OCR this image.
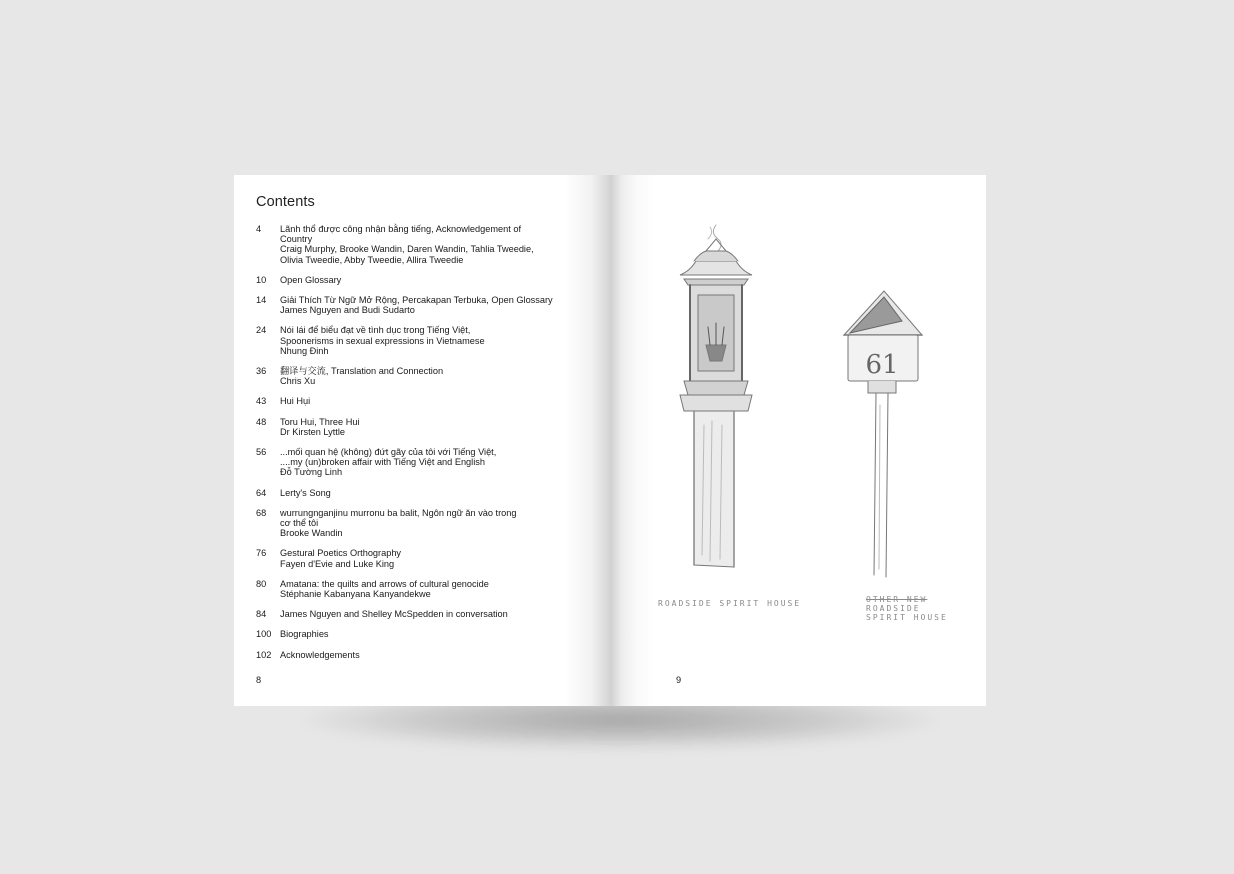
Contents
4	Lãnh thổ được công nhận bằng tiếng, Acknowledgement of
Country
Craig Murphy, Brooke Wandin, Daren Wandin, Tahlia Tweedie,
Olivia Tweedie, Abby Tweedie, Allira Tweedie
10	Open Glossary
14	Giải Thích Từ Ngữ Mở Rộng, Percakapan Terbuka, Open Glossary
James Nguyen and Budi Sudarto
24	Nói lái để biểu đạt về tình dục trong Tiếng Việt,
Spoonerisms in sexual expressions in Vietnamese
Nhung Đinh
36	翻译与交流, Translation and Connection
Chris Xu
43	Hui Hụi
48	Toru Hui, Three Hui
Dr Kirsten Lyttle
56	...mối quan hệ (không) đứt gãy của tôi với Tiếng Việt,
....my (un)broken affair with Tiếng Việt and English
Đỗ Tường Linh
64	Lerty's Song
68	wurrungnganjinu murronu ba balit, Ngôn ngữ ăn vào trong
cơ thể tôi
Brooke Wandin
76	Gestural Poetics Orthography
Fayen d'Evie and Luke King
80	Amatana: the quilts and arrows of cultural genocide
Stéphanie Kabanyana Kanyandekwe
84	James Nguyen and Shelley McSpedden in conversation
100 Biographies
102 Acknowledgements
8
ROADSIDE SPIRIT HOUSE
61
OTHER NEW
ROADSIDE
SPIRIT HOUSE
9
